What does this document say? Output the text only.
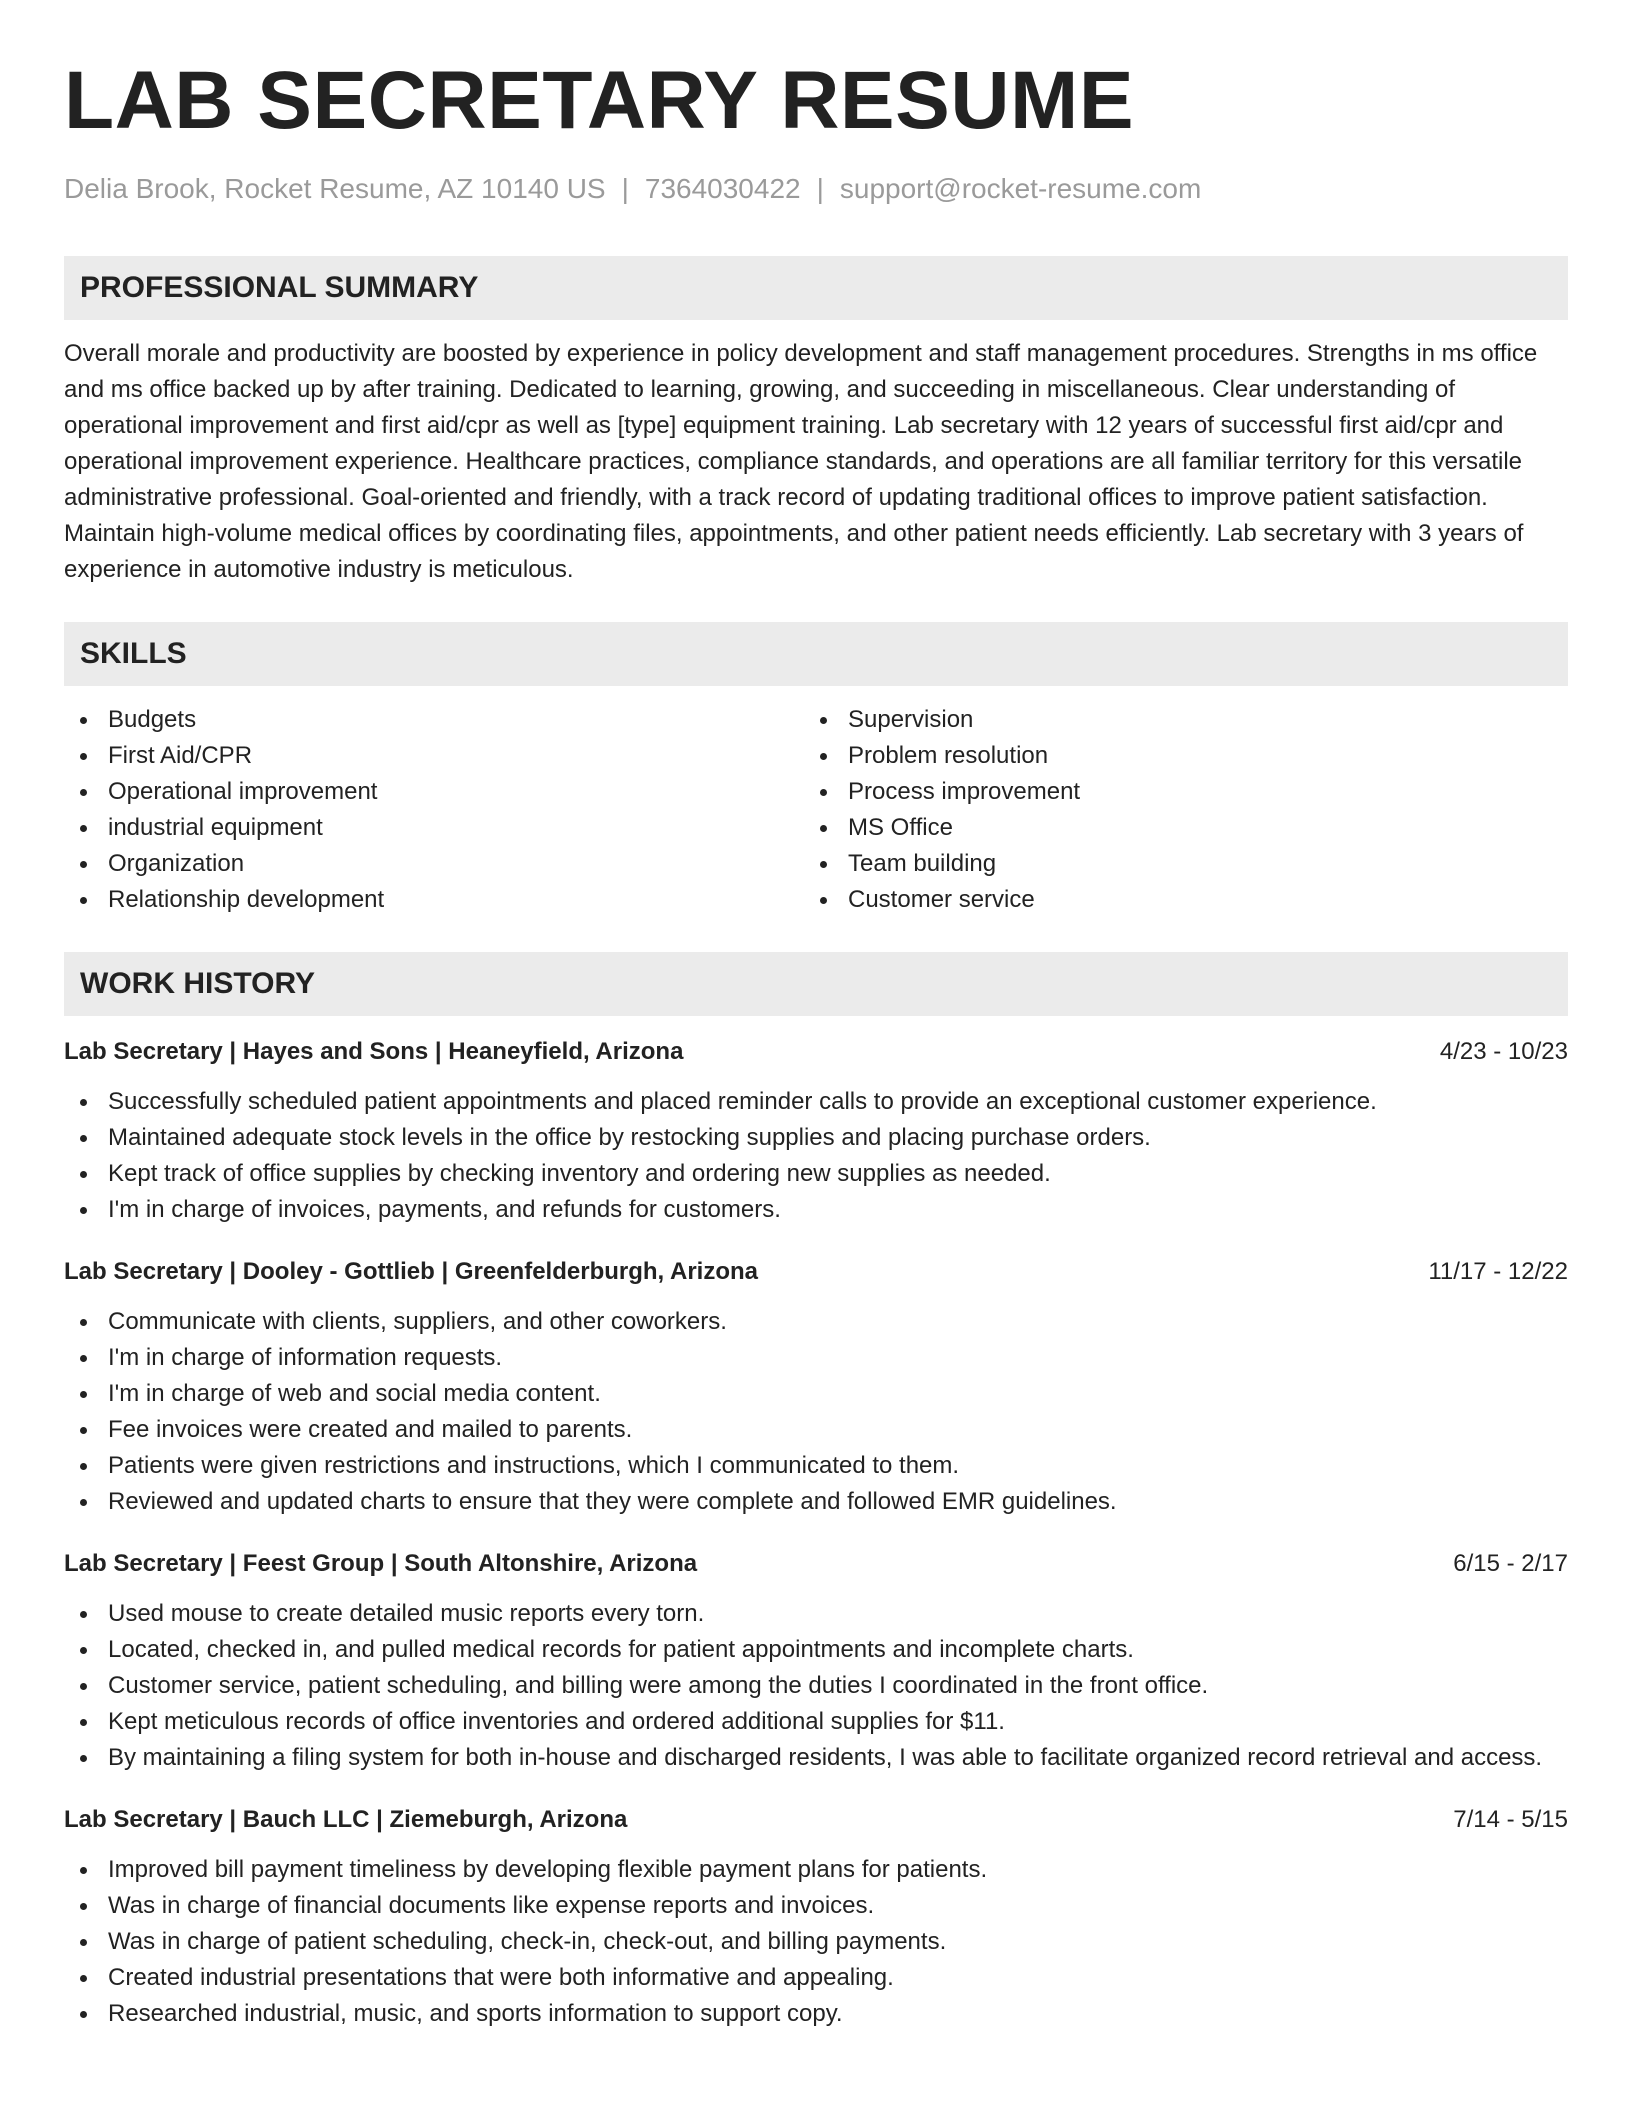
LAB SECRETARY RESUME
Delia Brook, Rocket Resume, AZ 10140 US | 7364030422 | support@rocket-resume.com
PROFESSIONAL SUMMARY
Overall morale and productivity are boosted by experience in policy development and staff management procedures. Strengths in ms office and ms office backed up by after training. Dedicated to learning, growing, and succeeding in miscellaneous. Clear understanding of operational improvement and first aid/cpr as well as [type] equipment training. Lab secretary with 12 years of successful first aid/cpr and operational improvement experience. Healthcare practices, compliance standards, and operations are all familiar territory for this versatile administrative professional. Goal-oriented and friendly, with a track record of updating traditional offices to improve patient satisfaction. Maintain high-volume medical offices by coordinating files, appointments, and other patient needs efficiently. Lab secretary with 3 years of experience in automotive industry is meticulous.
SKILLS
Budgets
First Aid/CPR
Operational improvement
industrial equipment
Organization
Relationship development
Supervision
Problem resolution
Process improvement
MS Office
Team building
Customer service
WORK HISTORY
Lab Secretary | Hayes and Sons | Heaneyfield, Arizona	4/23 - 10/23
Successfully scheduled patient appointments and placed reminder calls to provide an exceptional customer experience.
Maintained adequate stock levels in the office by restocking supplies and placing purchase orders.
Kept track of office supplies by checking inventory and ordering new supplies as needed.
I'm in charge of invoices, payments, and refunds for customers.
Lab Secretary | Dooley - Gottlieb | Greenfelderburgh, Arizona	11/17 - 12/22
Communicate with clients, suppliers, and other coworkers.
I'm in charge of information requests.
I'm in charge of web and social media content.
Fee invoices were created and mailed to parents.
Patients were given restrictions and instructions, which I communicated to them.
Reviewed and updated charts to ensure that they were complete and followed EMR guidelines.
Lab Secretary | Feest Group | South Altonshire, Arizona	6/15 - 2/17
Used mouse to create detailed music reports every torn.
Located, checked in, and pulled medical records for patient appointments and incomplete charts.
Customer service, patient scheduling, and billing were among the duties I coordinated in the front office.
Kept meticulous records of office inventories and ordered additional supplies for $11.
By maintaining a filing system for both in-house and discharged residents, I was able to facilitate organized record retrieval and access.
Lab Secretary | Bauch LLC | Ziemeburgh, Arizona	7/14 - 5/15
Improved bill payment timeliness by developing flexible payment plans for patients.
Was in charge of financial documents like expense reports and invoices.
Was in charge of patient scheduling, check-in, check-out, and billing payments.
Created industrial presentations that were both informative and appealing.
Researched industrial, music, and sports information to support copy.
